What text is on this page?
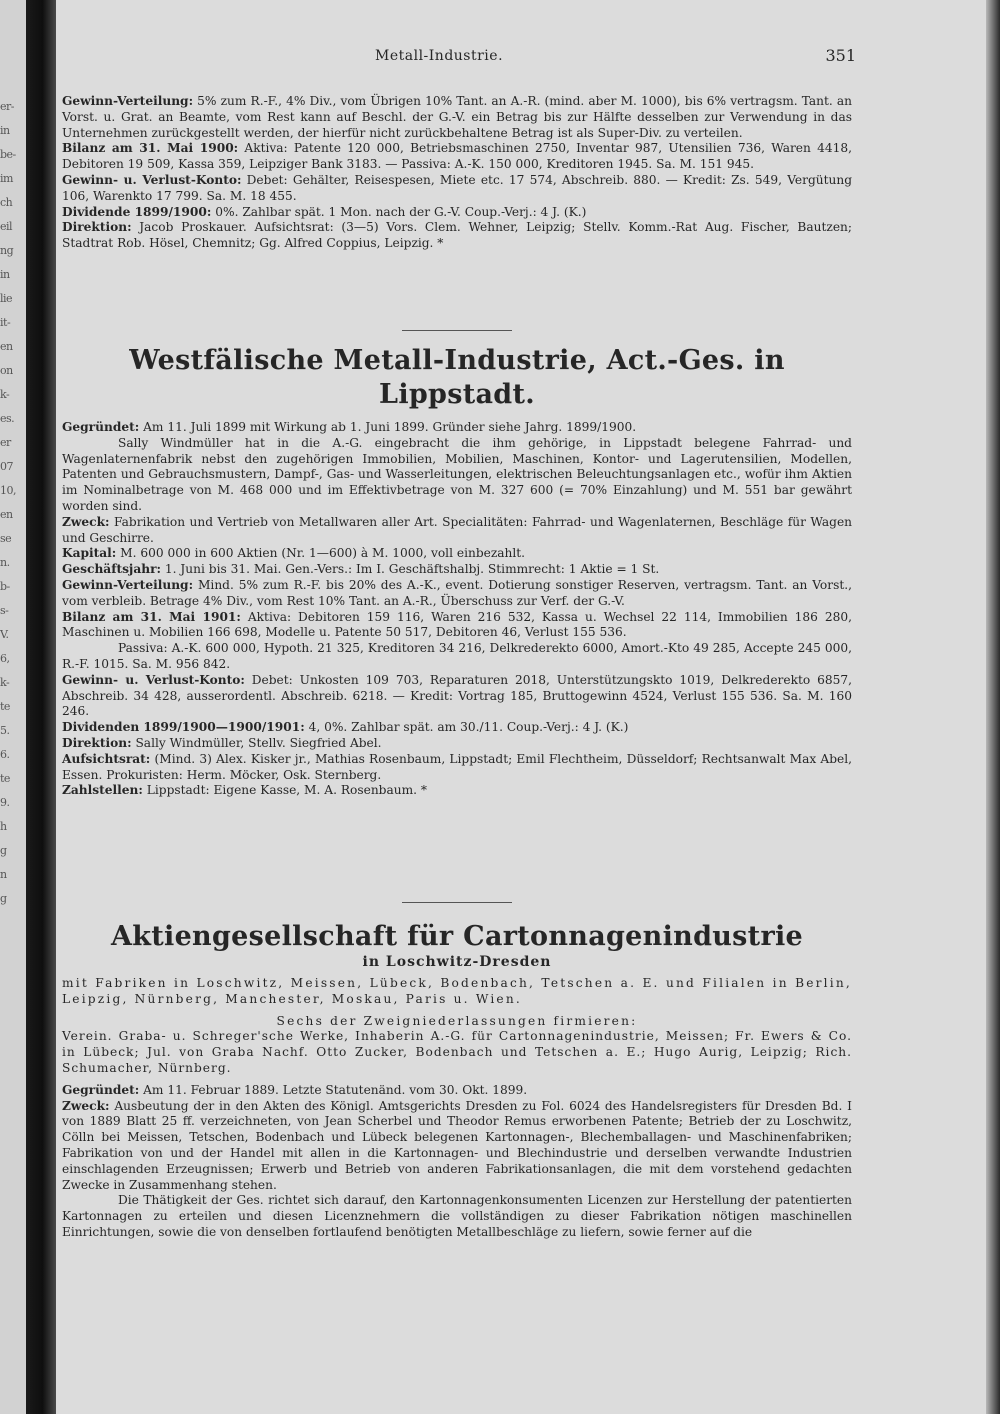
er-
in
be-
im
ch
eil
ng
in
lie
it-
en
on
k-
es.
er
07
10,
en
se
n.
b-
s-
V.
6,
k-
te
5.
6.
te
9.
h
g
n
g
Metall-Industrie.	351

Gewinn-Verteilung: 5% zum R.-F., 4% Div., vom Übrigen 10% Tant. an A.-R. (mind. aber M. 1000), bis 6% vertragsm. Tant. an Vorst. u. Grat. an Beamte, vom Rest kann auf Beschl. der G.-V. ein Betrag bis zur Hälfte desselben zur Verwendung in das Unternehmen zurückgestellt werden, der hierfür nicht zurückbehaltene Betrag ist als Super-Div. zu verteilen.

Bilanz am 31. Mai 1900: Aktiva: Patente 120 000, Betriebsmaschinen 2750, Inventar 987, Utensilien 736, Waren 4418, Debitoren 19 509, Kassa 359, Leipziger Bank 3183. — Passiva: A.-K. 150 000, Kreditoren 1945. Sa. M. 151 945.

Gewinn- u. Verlust-Konto: Debet: Gehälter, Reisespesen, Miete etc. 17 574, Abschreib. 880. — Kredit: Zs. 549, Vergütung 106, Warenkto 17 799. Sa. M. 18 455.

Dividende 1899/1900: 0%. Zahlbar spät. 1 Mon. nach der G.-V. Coup.-Verj.: 4 J. (K.)

Direktion: Jacob Proskauer. Aufsichtsrat: (3—5) Vors. Clem. Wehner, Leipzig; Stellv. Komm.-Rat Aug. Fischer, Bautzen; Stadtrat Rob. Hösel, Chemnitz; Gg. Alfred Coppius, Leipzig. *

Westfälische Metall-Industrie, Act.-Ges. in Lippstadt.

Gegründet: Am 11. Juli 1899 mit Wirkung ab 1. Juni 1899. Gründer siehe Jahrg. 1899/1900.

Sally Windmüller hat in die A.-G. eingebracht die ihm gehörige, in Lippstadt belegene Fahrrad- und Wagenlaternenfabrik nebst den zugehörigen Immobilien, Mobilien, Maschinen, Kontor- und Lagerutensilien, Modellen, Patenten und Gebrauchsmustern, Dampf-, Gas- und Wasserleitungen, elektrischen Beleuchtungsanlagen etc., wofür ihm Aktien im Nominalbetrage von M. 468 000 und im Effektivbetrage von M. 327 600 (= 70% Einzahlung) und M. 551 bar gewährt worden sind.

Zweck: Fabrikation und Vertrieb von Metallwaren aller Art. Specialitäten: Fahrrad- und Wagenlaternen, Beschläge für Wagen und Geschirre.

Kapital: M. 600 000 in 600 Aktien (Nr. 1—600) à M. 1000, voll einbezahlt.

Geschäftsjahr: 1. Juni bis 31. Mai. Gen.-Vers.: Im I. Geschäftshalbj. Stimmrecht: 1 Aktie = 1 St.

Gewinn-Verteilung: Mind. 5% zum R.-F. bis 20% des A.-K., event. Dotierung sonstiger Reserven, vertragsm. Tant. an Vorst., vom verbleib. Betrage 4% Div., vom Rest 10% Tant. an A.-R., Überschuss zur Verf. der G.-V.

Bilanz am 31. Mai 1901: Aktiva: Debitoren 159 116, Waren 216 532, Kassa u. Wechsel 22 114, Immobilien 186 280, Maschinen u. Mobilien 166 698, Modelle u. Patente 50 517, Debitoren 46, Verlust 155 536.

Passiva: A.-K. 600 000, Hypoth. 21 325, Kreditoren 34 216, Delkrederekto 6000, Amort.-Kto 49 285, Accepte 245 000, R.-F. 1015. Sa. M. 956 842.

Gewinn- u. Verlust-Konto: Debet: Unkosten 109 703, Reparaturen 2018, Unterstützungskto 1019, Delkrederekto 6857, Abschreib. 34 428, ausserordentl. Abschreib. 6218. — Kredit: Vortrag 185, Bruttogewinn 4524, Verlust 155 536. Sa. M. 160 246.

Dividenden 1899/1900—1900/1901: 4, 0%. Zahlbar spät. am 30./11. Coup.-Verj.: 4 J. (K.)

Direktion: Sally Windmüller, Stellv. Siegfried Abel.

Aufsichtsrat: (Mind. 3) Alex. Kisker jr., Mathias Rosenbaum, Lippstadt; Emil Flechtheim, Düsseldorf; Rechtsanwalt Max Abel, Essen. Prokuristen: Herm. Möcker, Osk. Sternberg.

Zahlstellen: Lippstadt: Eigene Kasse, M. A. Rosenbaum. *

Aktiengesellschaft für Cartonnagenindustrie

in Loschwitz-Dresden

mit Fabriken in Loschwitz, Meissen, Lübeck, Bodenbach, Tetschen a. E. und Filialen in Berlin, Leipzig, Nürnberg, Manchester, Moskau, Paris u. Wien.

Sechs der Zweigniederlassungen firmieren:

Verein. Graba- u. Schreger'sche Werke, Inhaberin A.-G. für Cartonnagenindustrie, Meissen; Fr. Ewers & Co. in Lübeck; Jul. von Graba Nachf. Otto Zucker, Bodenbach und Tetschen a. E.; Hugo Aurig, Leipzig; Rich. Schumacher, Nürnberg.

Gegründet: Am 11. Februar 1889. Letzte Statutenänd. vom 30. Okt. 1899.

Zweck: Ausbeutung der in den Akten des Königl. Amtsgerichts Dresden zu Fol. 6024 des Handelsregisters für Dresden Bd. I von 1889 Blatt 25 ff. verzeichneten, von Jean Scherbel und Theodor Remus erworbenen Patente; Betrieb der zu Loschwitz, Cölln bei Meissen, Tetschen, Bodenbach und Lübeck belegenen Kartonnagen-, Blechemballagen- und Maschinenfabriken; Fabrikation von und der Handel mit allen in die Kartonnagen- und Blechindustrie und derselben verwandte Industrien einschlagenden Erzeugnissen; Erwerb und Betrieb von anderen Fabrikationsanlagen, die mit dem vorstehend gedachten Zwecke in Zusammenhang stehen.

Die Thätigkeit der Ges. richtet sich darauf, den Kartonnagenkonsumenten Licenzen zur Herstellung der patentierten Kartonnagen zu erteilen und diesen Licenznehmern die vollständigen zu dieser Fabrikation nötigen maschinellen Einrichtungen, sowie die von denselben fortlaufend benötigten Metallbeschläge zu liefern, sowie ferner auf die
